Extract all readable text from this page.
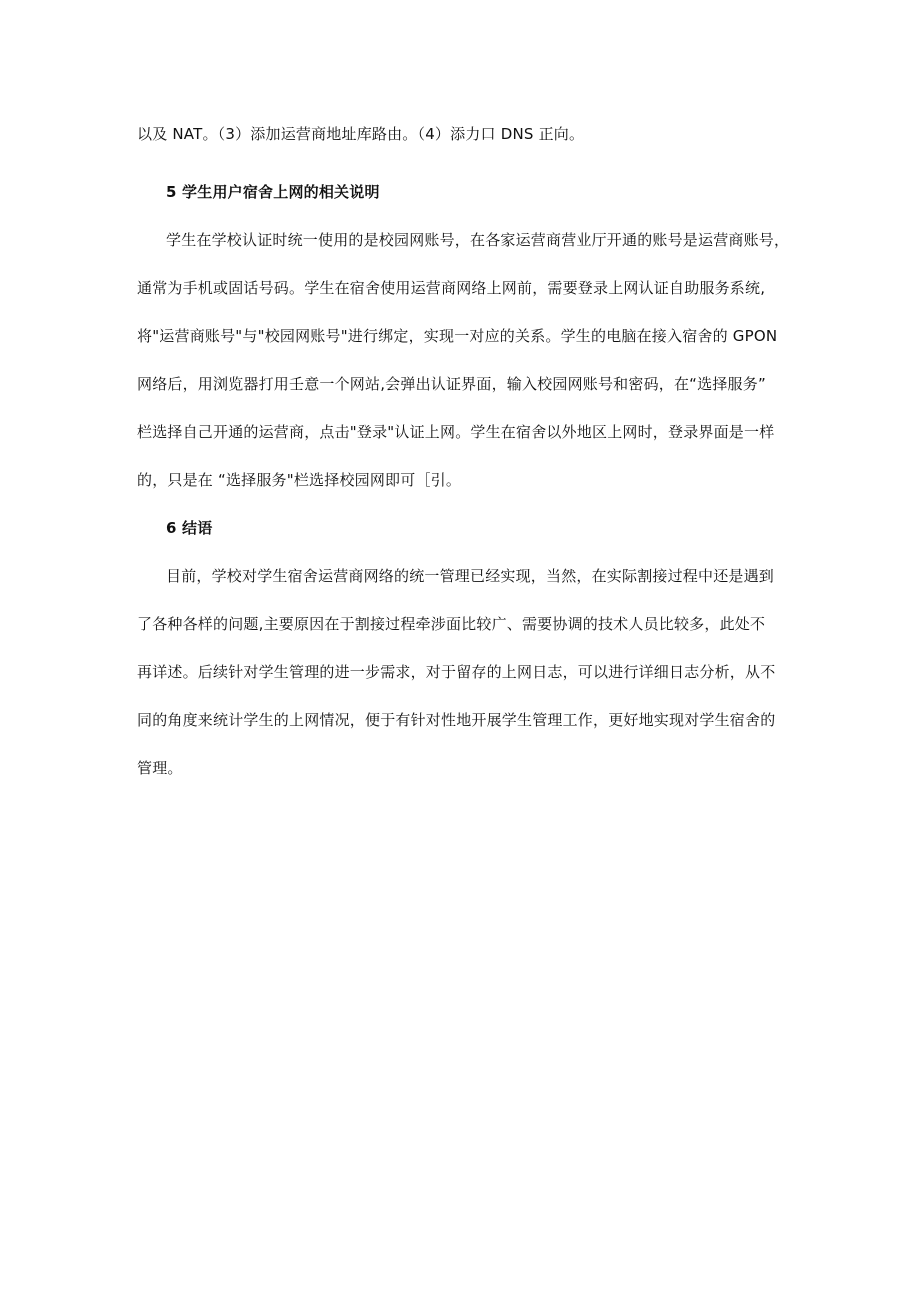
以及 NAT。（3）添加运营商地址库路由。（4）添力口 DNS 正向。
5 学生用户宿舍上网的相关说明
学生在学校认证时统一使用的是校园网账号，在各家运营商营业厅开通的账号是运营商账号，
通常为手机或固话号码。学生在宿舍使用运营商网络上网前，需要登录上网认证自助服务系统,
将"运营商账号"与"校园网账号"进行绑定，实现一对应的关系。学生的电脑在接入宿舍的 GPON
网络后，用浏览器打用壬意一个网站,会弹出认证界面，输入校园网账号和密码，在“选择服务”
栏选择自己开通的运营商，点击"登录"认证上网。学生在宿舍以外地区上网时，登录界面是一样
的，只是在 “选择服务"栏选择校园网即可［引。
6 结语
目前，学校对学生宿舍运营商网络的统一管理已经实现，当然，在实际割接过程中还是遇到
了各种各样的问题,主要原因在于割接过程牵涉面比较广、需要协调的技术人员比较多，此处不
再详述。后续针对学生管理的进一步需求，对于留存的上网日志，可以进行详细日志分析，从不
同的角度来统计学生的上网情况，便于有针对性地开展学生管理工作，更好地实现对学生宿舍的
管理。
